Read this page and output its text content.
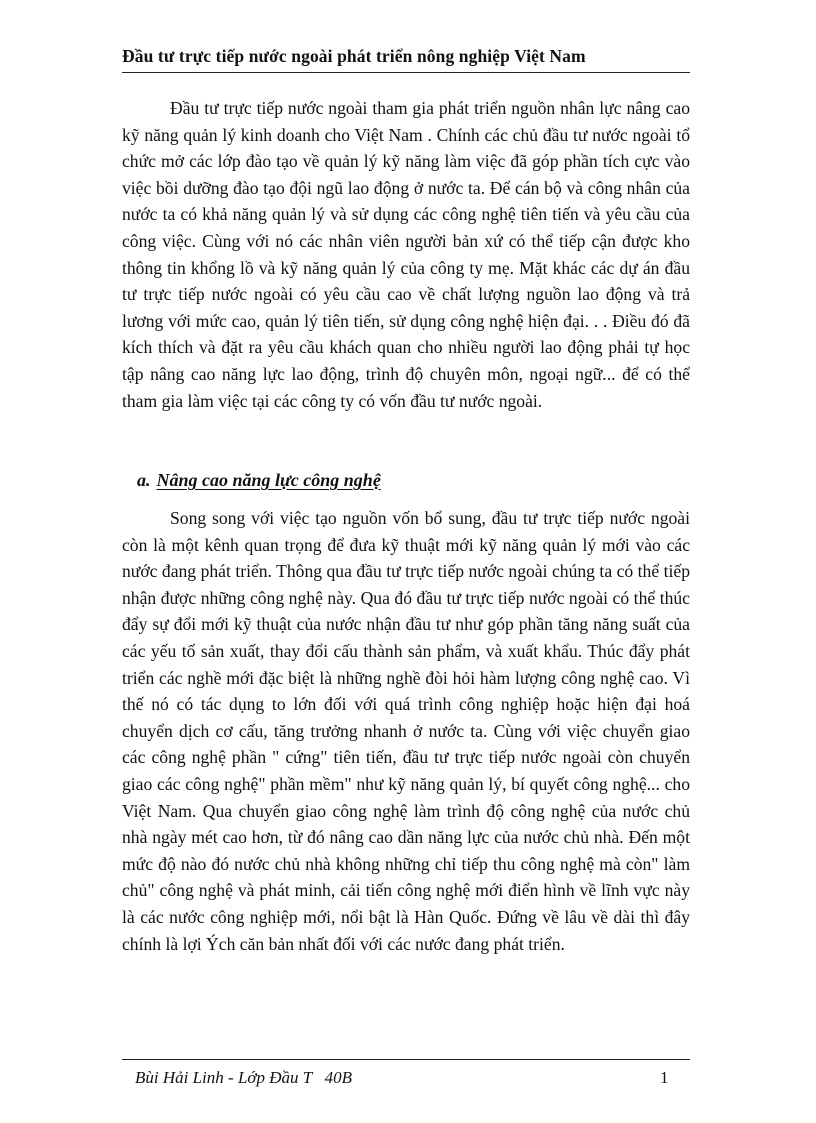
Đầu tư trực tiếp nước ngoài phát triển nông nghiệp Việt Nam

Đầu tư trực tiếp nước ngoài tham gia phát triển nguồn nhân lực nâng cao kỹ năng quản lý kinh doanh cho Việt Nam . Chính các chủ đầu tư nước ngoài tổ chức mở các lớp đào tạo về quản lý kỹ năng làm việc đã góp phần tích cực vào việc bồi dưỡng đào tạo đội ngũ lao động ở nước ta. Để cán bộ và công nhân của nước ta có khả năng quản lý và sử dụng các công nghệ tiên tiến và yêu cầu của công việc. Cùng với nó các nhân viên người bản xứ có thể tiếp cận được kho thông tin khổng lồ và kỹ năng quản lý của công ty mẹ. Mặt khác các dự án đầu tư trực tiếp nước ngoài có yêu cầu cao về chất lượng nguồn lao động và trả lương với mức cao, quản lý tiên tiến, sử dụng công nghệ hiện đại. . . Điều đó đã kích thích và đặt ra yêu cầu khách quan cho nhiều người lao động phải tự học tập nâng cao năng lực lao động, trình độ chuyên môn, ngoại ngữ... để có thể tham gia làm việc tại các công ty có vốn đầu tư nước ngoài.

a. Nâng cao năng lực công nghệ

Song song với việc tạo nguồn vốn bổ sung, đầu tư trực tiếp nước ngoài còn là một kênh quan trọng để đưa kỹ thuật mới kỹ năng quản lý mới vào các nước đang phát triển. Thông qua đầu tư trực tiếp nước ngoài chúng ta có thể tiếp nhận được những công nghệ này. Qua đó đầu tư trực tiếp nước ngoài có thể thúc đẩy sự đổi mới kỹ thuật của nước nhận đầu tư như góp phần tăng năng suất của các yếu tố sản xuất, thay đổi cấu thành sản phẩm, và xuất khẩu. Thúc đẩy phát triển các nghề mới đặc biệt là những nghề đòi hỏi hàm lượng công nghệ cao. Vì thế nó có tác dụng to lớn đối với quá trình công nghiệp hoặc hiện đại hoá chuyển dịch cơ cấu, tăng trưởng nhanh ở nước ta. Cùng với việc chuyển giao các công nghệ phần " cứng" tiên tiến, đầu tư trực tiếp nước ngoài còn chuyển giao các công nghệ" phần mềm" như kỹ năng quản lý, bí quyết công nghệ... cho Việt Nam. Qua chuyển giao công nghệ làm trình độ công nghệ của nước chủ nhà ngày mét cao hơn, từ đó nâng cao dần năng lực của nước chủ nhà. Đến một mức độ nào đó nước chủ nhà không những chỉ tiếp thu công nghệ mà còn" làm chủ" công nghệ và phát minh, cải tiến công nghệ mới điển hình về lĩnh vực này là các nước công nghiệp mới, nổi bật là Hàn Quốc. Đứng về lâu về dài thì đây chính là lợi Ých căn bản nhất đối với các nước đang phát triển.

Bùi Hải Linh - Lớp Đầu T   40B	1
